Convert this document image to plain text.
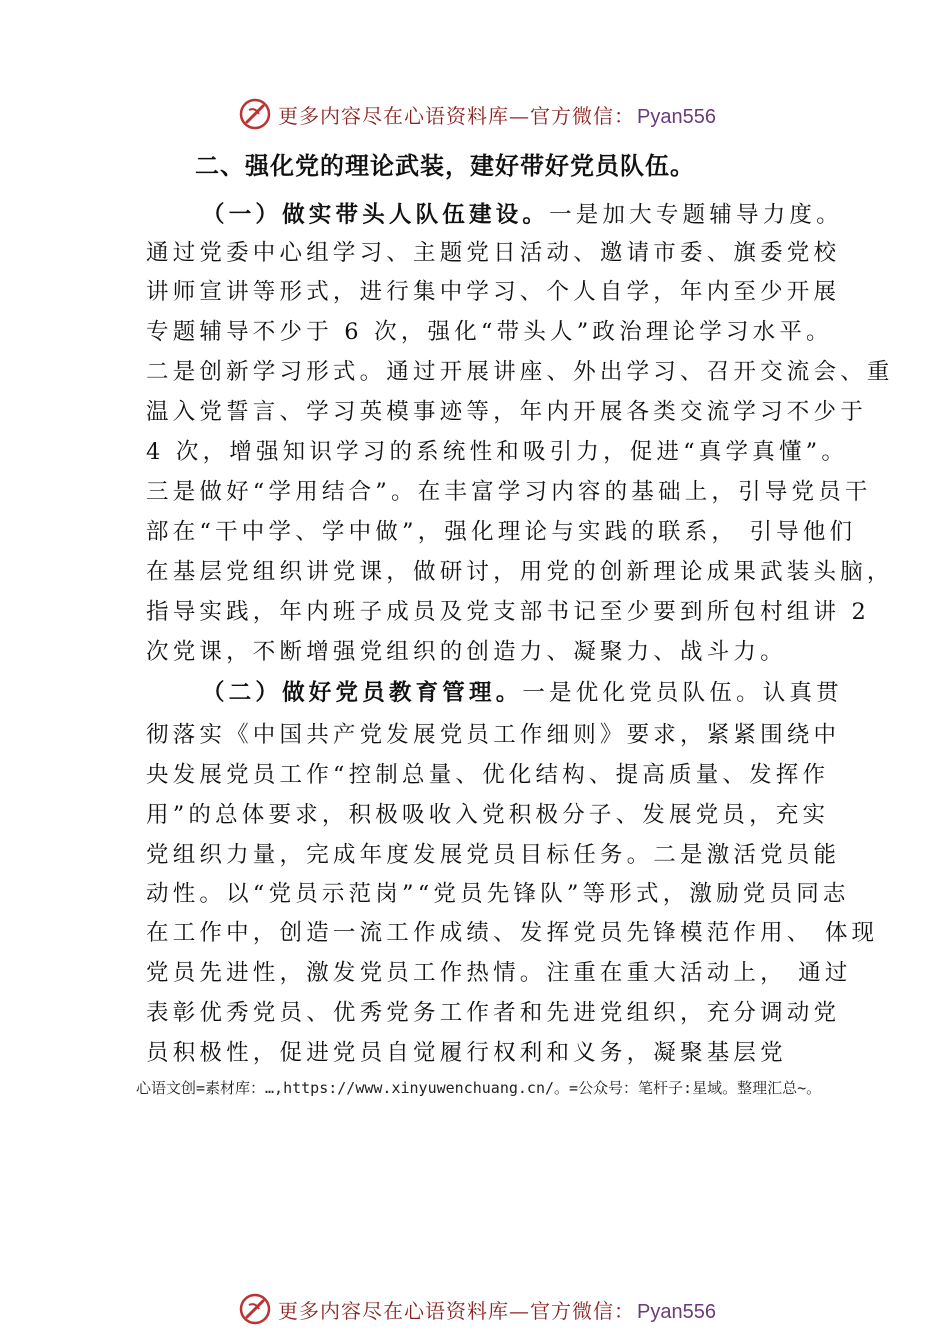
更多内容尽在心语资料库—官方微信： Pyan556
二、强化党的理论武装，建好带好党员队伍。
（一）做实带头人队伍建设。一是加大专题辅导力度。
通过党委中心组学习、主题党日活动、邀请市委、旗委党校
讲师宣讲等形式，进行集中学习、个人自学，年内至少开展
专题辅导不少于 6 次，强化“带头人”政治理论学习水平。
二是创新学习形式。通过开展讲座、外出学习、召开交流会、重
温入党誓言、学习英模事迹等，年内开展各类交流学习不少于
4 次，增强知识学习的系统性和吸引力，促进“真学真懂”。
三是做好“学用结合”。在丰富学习内容的基础上，引导党员干
部在“干中学、学中做”，强化理论与实践的联系， 引导他们
在基层党组织讲党课，做研讨，用党的创新理论成果武装头脑，
指导实践，年内班子成员及党支部书记至少要到所包村组讲 2
次党课，不断增强党组织的创造力、凝聚力、战斗力。
（二）做好党员教育管理。一是优化党员队伍。认真贯
彻落实《中国共产党发展党员工作细则》要求，紧紧围绕中
央发展党员工作“控制总量、优化结构、提高质量、发挥作
用”的总体要求，积极吸收入党积极分子、发展党员，充实
党组织力量，完成年度发展党员目标任务。二是激活党员能
动性。以“党员示范岗”“党员先锋队”等形式，激励党员同志
在工作中，创造一流工作成绩、发挥党员先锋模范作用、 体现
党员先进性，激发党员工作热情。注重在重大活动上， 通过
表彰优秀党员、优秀党务工作者和先进党组织，充分调动党
员积极性，促进党员自觉履行权利和义务，凝聚基层党
心语文创=素材库：…,https://www.xinyuwenchuang.cn/。=公众号：笔杆子:星域。整理汇总~。
更多内容尽在心语资料库—官方微信： Pyan556
